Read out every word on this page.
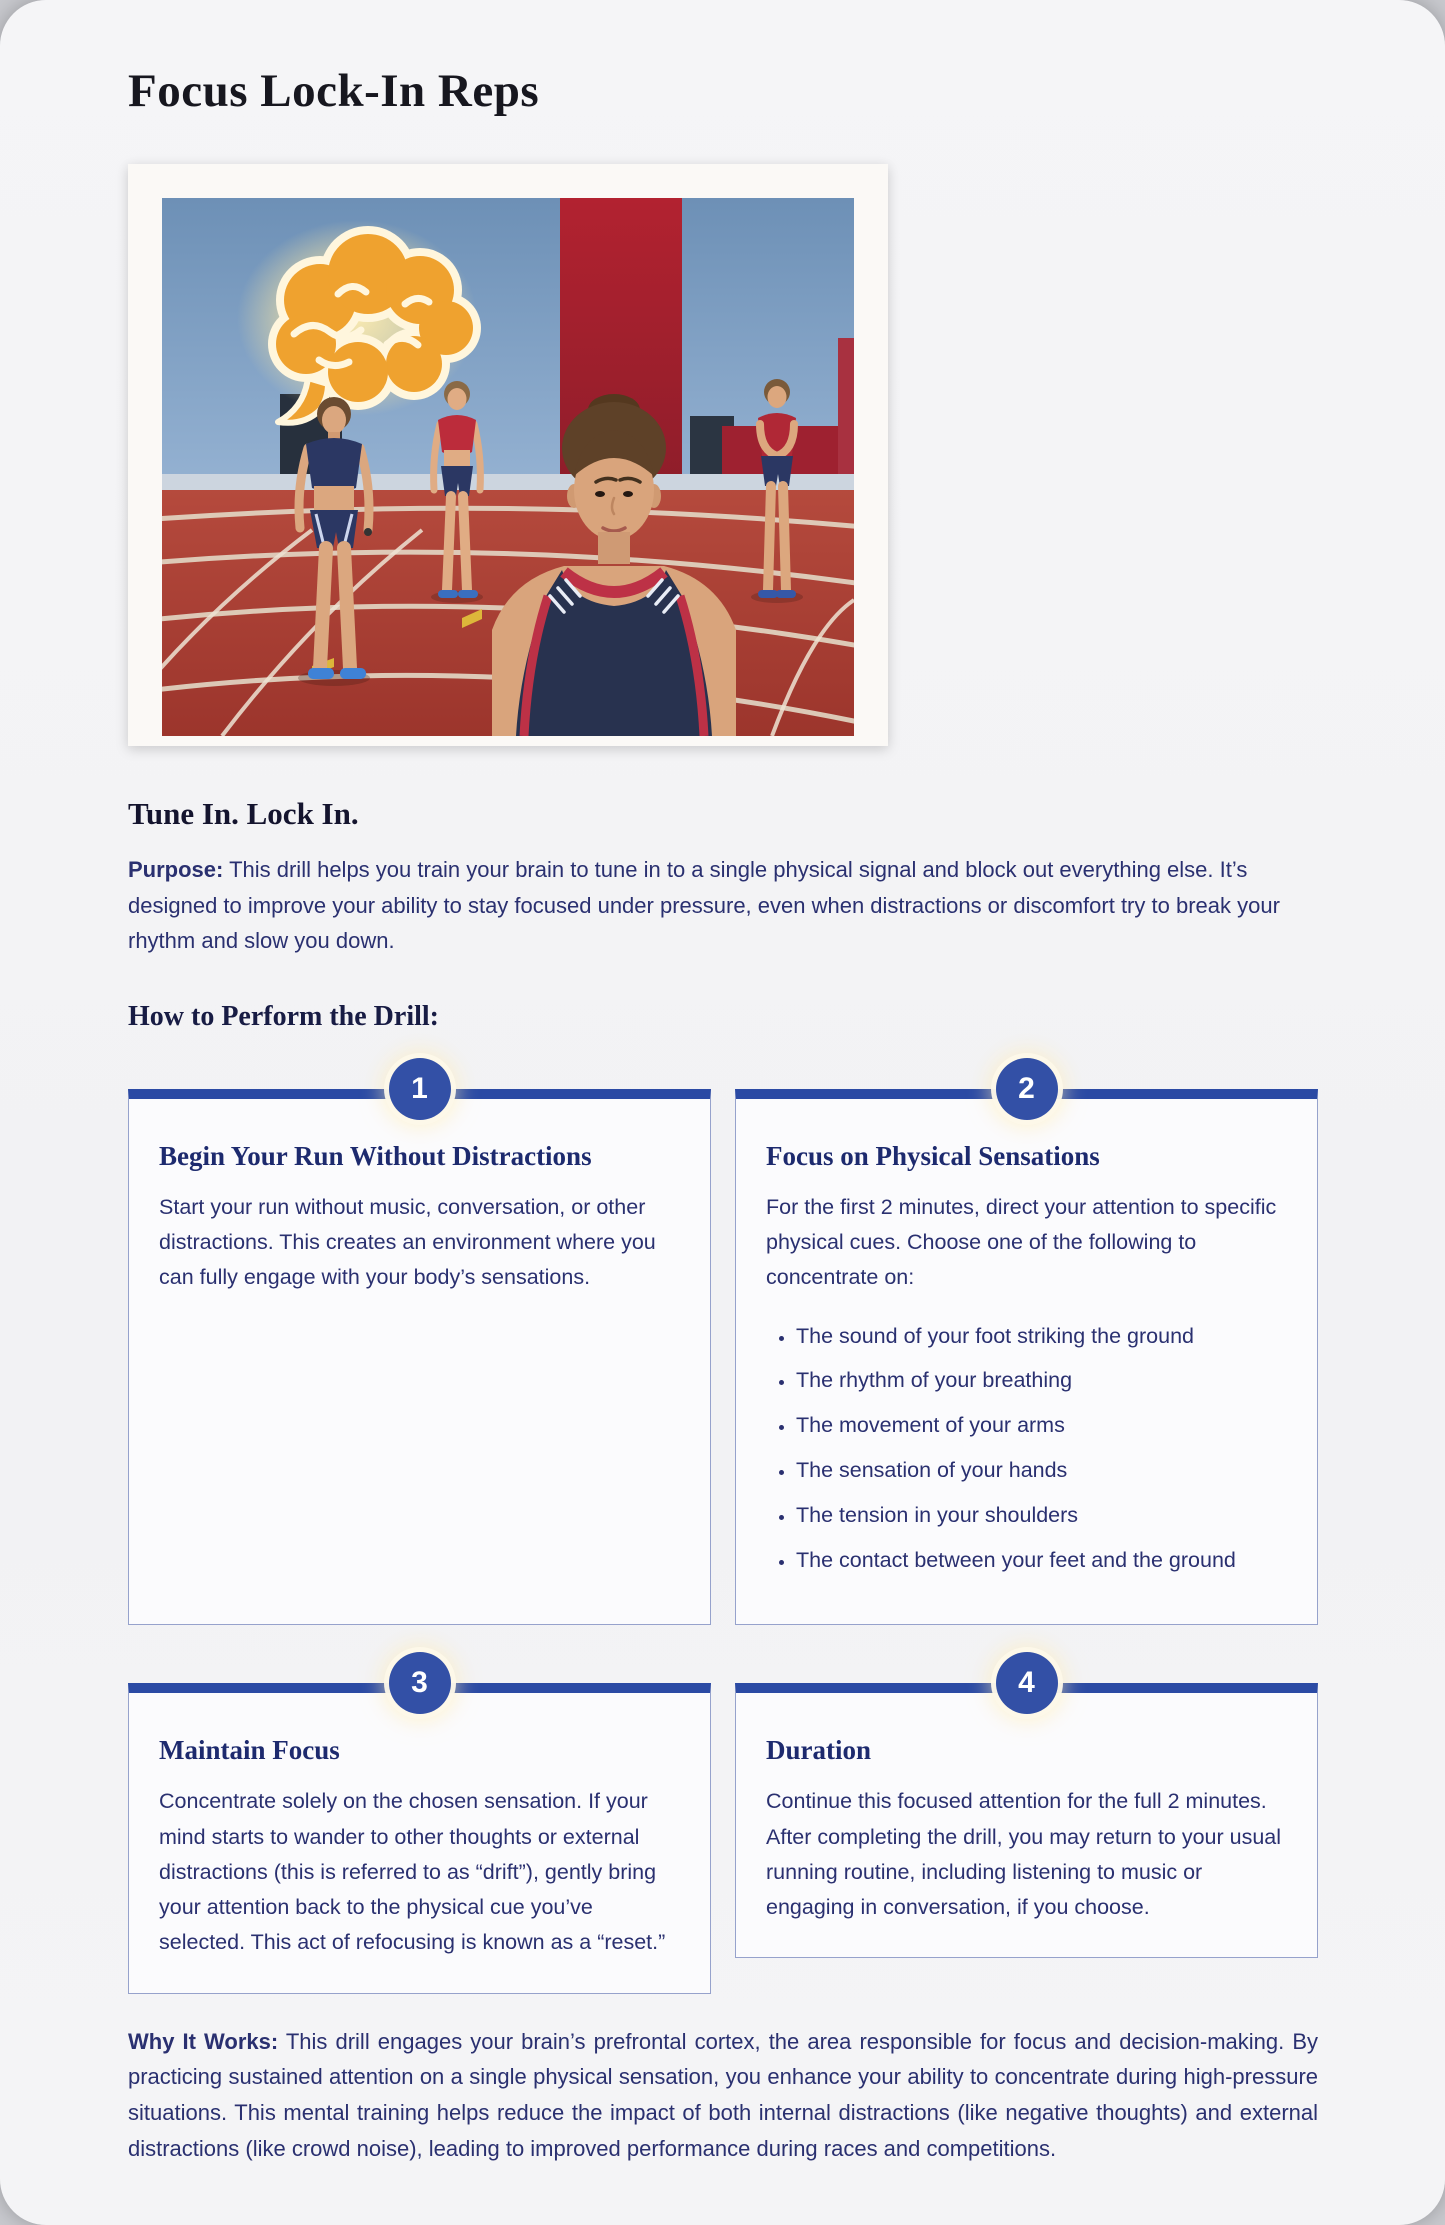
Focus Lock-In Reps
Tune In. Lock In.

Purpose: This drill helps you train your brain to tune in to a single physical signal and block out everything else. It’s designed to improve your ability to stay focused under pressure, even when distractions or discomfort try to break your rhythm and slow you down.

How to Perform the Drill:
1
Begin Your Run Without Distractions

Start your run without music, conversation, or other distractions. This creates an environment where you can fully engage with your body’s sensations.

2
Focus on Physical Sensations

For the first 2 minutes, direct your attention to specific physical cues. Choose one of the following to concentrate on:

• The sound of your foot striking the ground
• The rhythm of your breathing
• The movement of your arms
• The sensation of your hands
• The tension in your shoulders
• The contact between your feet and the ground
3
Maintain Focus

Concentrate solely on the chosen sensation. If your mind starts to wander to other thoughts or external distractions (this is referred to as “drift”), gently bring your attention back to the physical cue you’ve selected. This act of refocusing is known as a “reset.”

4
Duration

Continue this focused attention for the full 2 minutes. After completing the drill, you may return to your usual running routine, including listening to music or engaging in conversation, if you choose.

Why It Works: This drill engages your brain’s prefrontal cortex, the area responsible for focus and decision-making. By practicing sustained attention on a single physical sensation, you enhance your ability to concentrate during high-pressure situations. This mental training helps reduce the impact of both internal distractions (like negative thoughts) and external distractions (like crowd noise), leading to improved performance during races and competitions.
